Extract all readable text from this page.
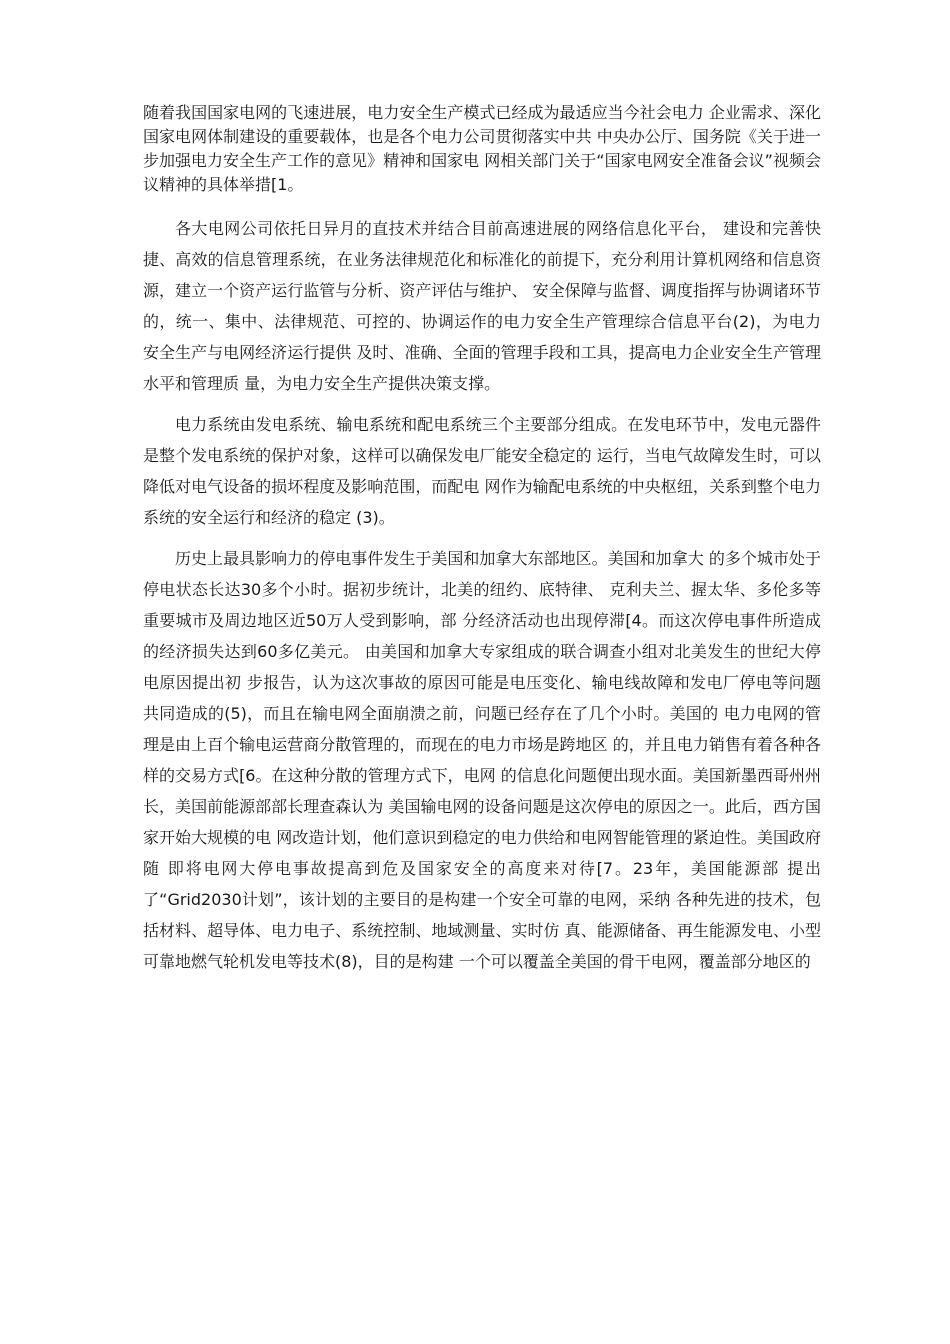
随着我国国家电网的飞速进展，电力安全生产模式已经成为最适应当今社会电力 企业需求、深化国家电网体制建设的重要载体，也是各个电力公司贯彻落实中共 中央办公厅、国务院《关于进一步加强电力安全生产工作的意见》精神和国家电 网相关部门关于“国家电网安全准备会议”视频会议精神的具体举措[1。

各大电网公司依托日异月的直技术并结合目前高速进展的网络信息化平台， 建设和完善快捷、高效的信息管理系统，在业务法律规范化和标准化的前提下，充分利用计算机网络和信息资源，建立一个资产运行监管与分析、资产评估与维护、 安全保障与监督、调度指挥与协调诸环节的，统一、集中、法律规范、可控的、协调运作的电力安全生产管理综合信息平台(2)，为电力安全生产与电网经济运行提供 及时、准确、全面的管理手段和工具，提高电力企业安全生产管理水平和管理质 量，为电力安全生产提供决策支撑。

电力系统由发电系统、输电系统和配电系统三个主要部分组成。在发电环节中，发电元器件是整个发电系统的保护对象，这样可以确保发电厂能安全稳定的 运行，当电气故障发生时，可以降低对电气设备的损坏程度及影响范围，而配电 网作为输配电系统的中央枢纽，关系到整个电力系统的安全运行和经济的稳定 (3)。

历史上最具影响力的停电事件发生于美国和加拿大东部地区。美国和加拿大 的多个城市处于停电状态长达30多个小时。据初步统计，北美的纽约、底特律、 克利夫兰、握太华、多伦多等重要城市及周边地区近50万人受到影响，部 分经济活动也出现停滞[4。而这次停电事件所造成的经济损失达到60多亿美元。 由美国和加拿大专家组成的联合调查小组对北美发生的世纪大停电原因提出初 步报告，认为这次事故的原因可能是电压变化、输电线故障和发电厂停电等问题 共同造成的(5)，而且在输电网全面崩溃之前，问题已经存在了几个小时。美国的 电力电网的管理是由上百个输电运营商分散管理的，而现在的电力市场是跨地区 的，并且电力销售有着各种各样的交易方式[6。在这种分散的管理方式下，电网 的信息化问题便出现水面。美国新墨西哥州州长，美国前能源部部长理查森认为 美国输电网的设备问题是这次停电的原因之一。此后，西方国家开始大规模的电 网改造计划，他们意识到稳定的电力供给和电网智能管理的紧迫性。美国政府随 即将电网大停电事故提高到危及国家安全的高度来对待[7。23年，美国能源部 提出了“Grid2030计划”，该计划的主要目的是构建一个安全可靠的电网，采纳 各种先进的技术，包括材料、超导体、电力电子、系统控制、地域测量、实时仿 真、能源储备、再生能源发电、小型可靠地燃气轮机发电等技术(8)，目的是构建 一个可以覆盖全美国的骨干电网，覆盖部分地区的
